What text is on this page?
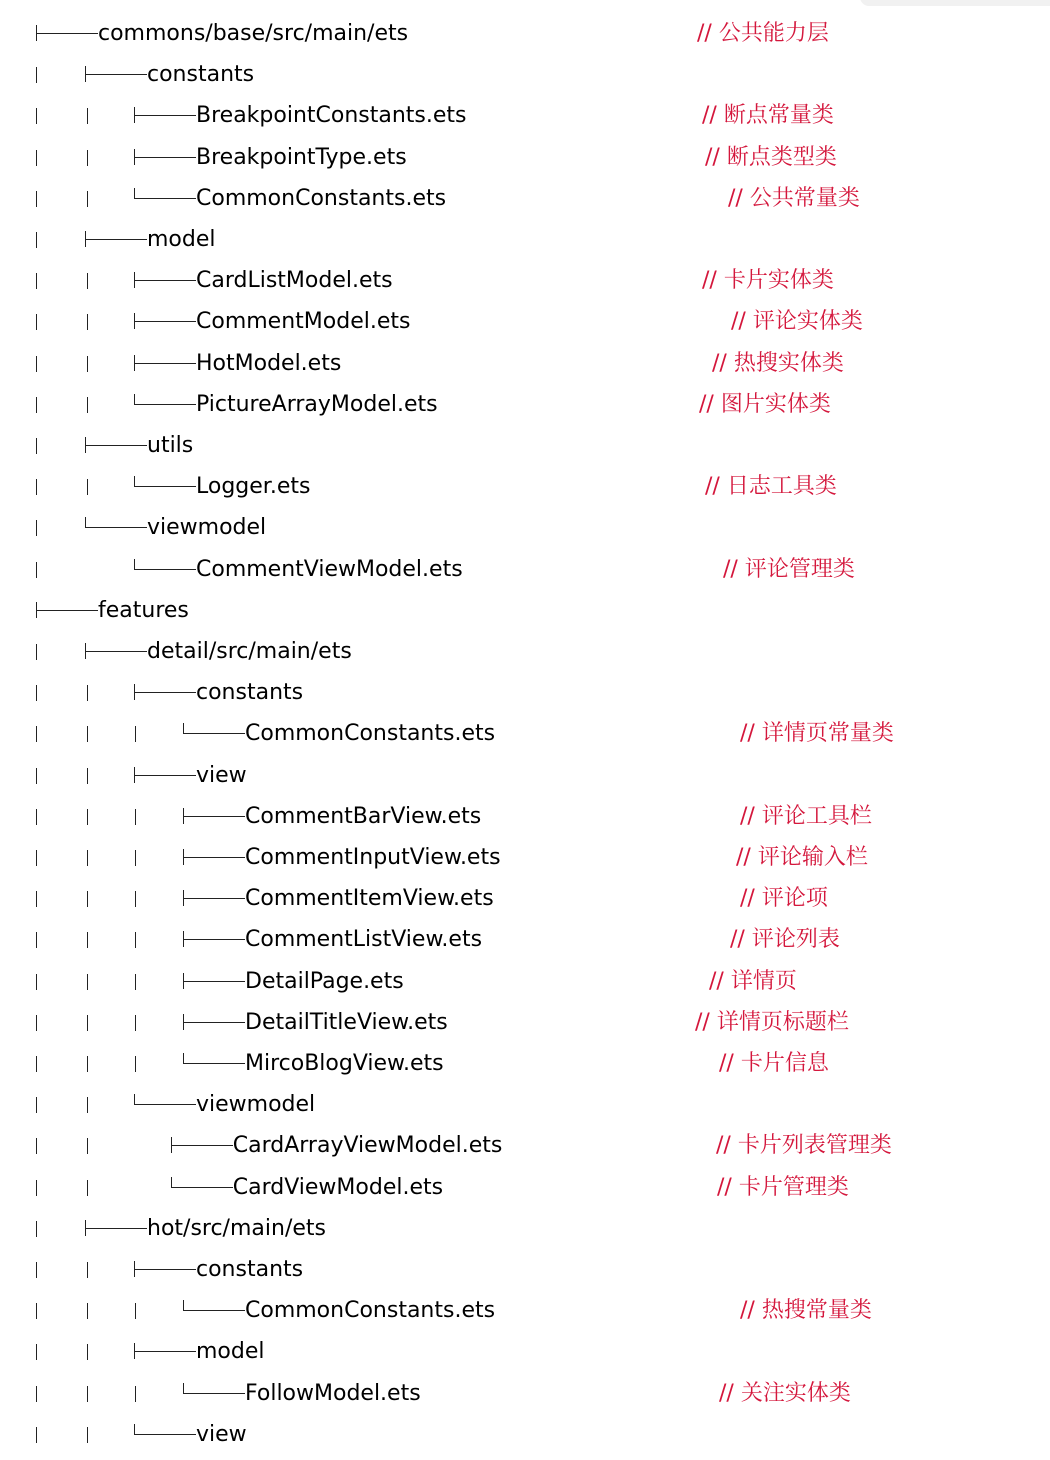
commons/base/src/main/ets	// 公共能力层
constants
BreakpointConstants.ets	// 断点常量类
BreakpointType.ets	// 断点类型类
CommonConstants.ets	// 公共常量类
model
CardListModel.ets	// 卡片实体类
CommentModel.ets	// 评论实体类
HotModel.ets	// 热搜实体类
PictureArrayModel.ets	// 图片实体类
utils
Logger.ets	// 日志工具类
viewmodel
CommentViewModel.ets	// 评论管理类
features
detail/src/main/ets
constants
CommonConstants.ets	// 详情页常量类
view
CommentBarView.ets	// 评论工具栏
CommentInputView.ets	// 评论输入栏
CommentItemView.ets	// 评论项
CommentListView.ets	// 评论列表
DetailPage.ets	// 详情页
DetailTitleView.ets	// 详情页标题栏
MircoBlogView.ets	// 卡片信息
viewmodel
CardArrayViewModel.ets	// 卡片列表管理类
CardViewModel.ets	// 卡片管理类
hot/src/main/ets
constants
CommonConstants.ets	// 热搜常量类
model
FollowModel.ets	// 关注实体类
view
